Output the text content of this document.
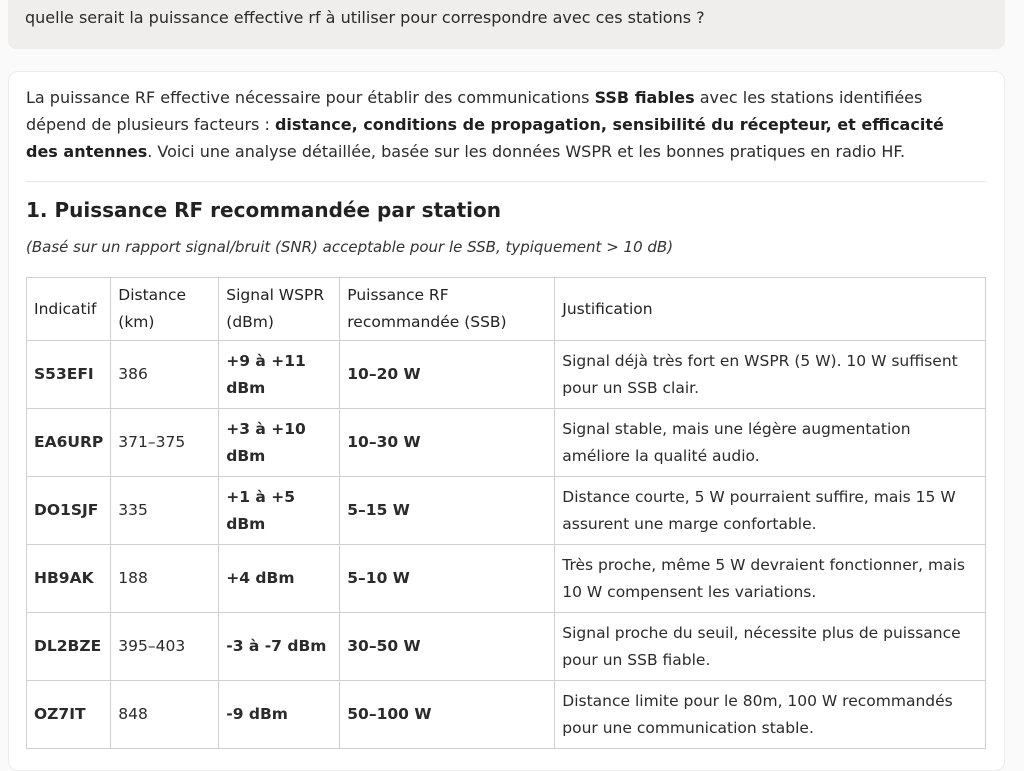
quelle serait la puissance effective rf à utiliser pour correspondre avec ces stations ?
La puissance RF effective nécessaire pour établir des communications SSB fiables avec les stations identifiées dépend de plusieurs facteurs : distance, conditions de propagation, sensibilité du récepteur, et efficacité des antennes. Voici une analyse détaillée, basée sur les données WSPR et les bonnes pratiques en radio HF.
1. Puissance RF recommandée par station
(Basé sur un rapport signal/bruit (SNR) acceptable pour le SSB, typiquement > 10 dB)
Indicatif	Distance (km)	Signal WSPR (dBm)	Puissance RF recommandée (SSB)	Justification
S53EFI	386	+9 à +11 dBm	10–20 W	Signal déjà très fort en WSPR (5 W). 10 W suffisent pour un SSB clair.
EA6URP	371–375	+3 à +10 dBm	10–30 W	Signal stable, mais une légère augmentation améliore la qualité audio.
DO1SJF	335	+1 à +5 dBm	5–15 W	Distance courte, 5 W pourraient suffire, mais 15 W assurent une marge confortable.
HB9AK	188	+4 dBm	5–10 W	Très proche, même 5 W devraient fonctionner, mais 10 W compensent les variations.
DL2BZE	395–403	-3 à -7 dBm	30–50 W	Signal proche du seuil, nécessite plus de puissance pour un SSB fiable.
OZ7IT	848	-9 dBm	50–100 W	Distance limite pour le 80m, 100 W recommandés pour une communication stable.
